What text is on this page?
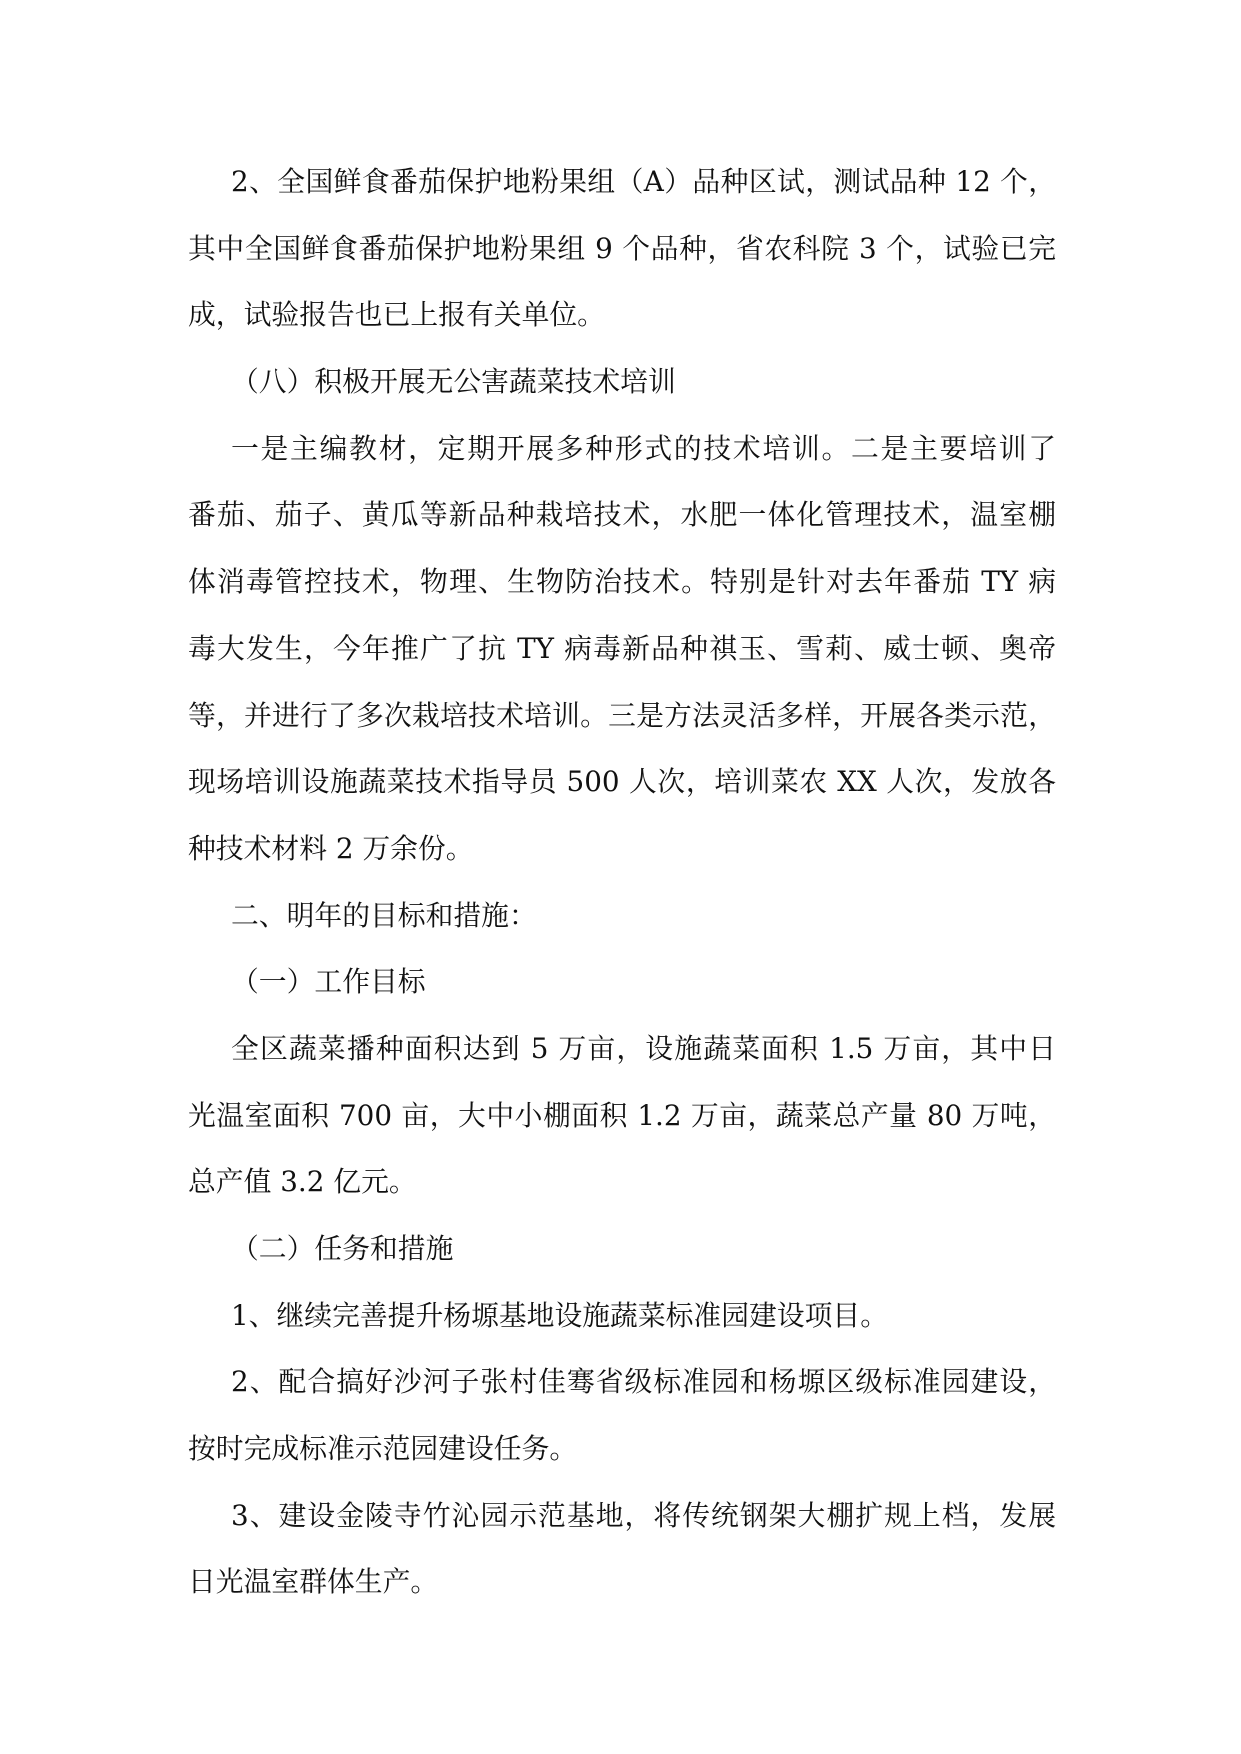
2、全国鲜食番茄保护地粉果组（A）品种区试，测试品种 12 个，
其中全国鲜食番茄保护地粉果组 9 个品种，省农科院 3 个，试验已完
成，试验报告也已上报有关单位。
（八）积极开展无公害蔬菜技术培训
一是主编教材，定期开展多种形式的技术培训。二是主要培训了
番茄、茄子、黄瓜等新品种栽培技术，水肥一体化管理技术，温室棚
体消毒管控技术，物理、生物防治技术。特别是针对去年番茄 TY 病
毒大发生，今年推广了抗 TY 病毒新品种祺玉、雪莉、威士顿、奥帝
等，并进行了多次栽培技术培训。三是方法灵活多样，开展各类示范，
现场培训设施蔬菜技术指导员 500 人次，培训菜农 XX 人次，发放各
种技术材料 2 万余份。
二、明年的目标和措施：
（一）工作目标
全区蔬菜播种面积达到 5 万亩，设施蔬菜面积 1.5 万亩，其中日
光温室面积 700 亩，大中小棚面积 1.2 万亩，蔬菜总产量 80 万吨，
总产值 3.2 亿元。
（二）任务和措施
1、继续完善提升杨塬基地设施蔬菜标准园建设项目。
2、配合搞好沙河子张村佳骞省级标准园和杨塬区级标准园建设，
按时完成标准示范园建设任务。
3、建设金陵寺竹沁园示范基地，将传统钢架大棚扩规上档，发展
日光温室群体生产。
